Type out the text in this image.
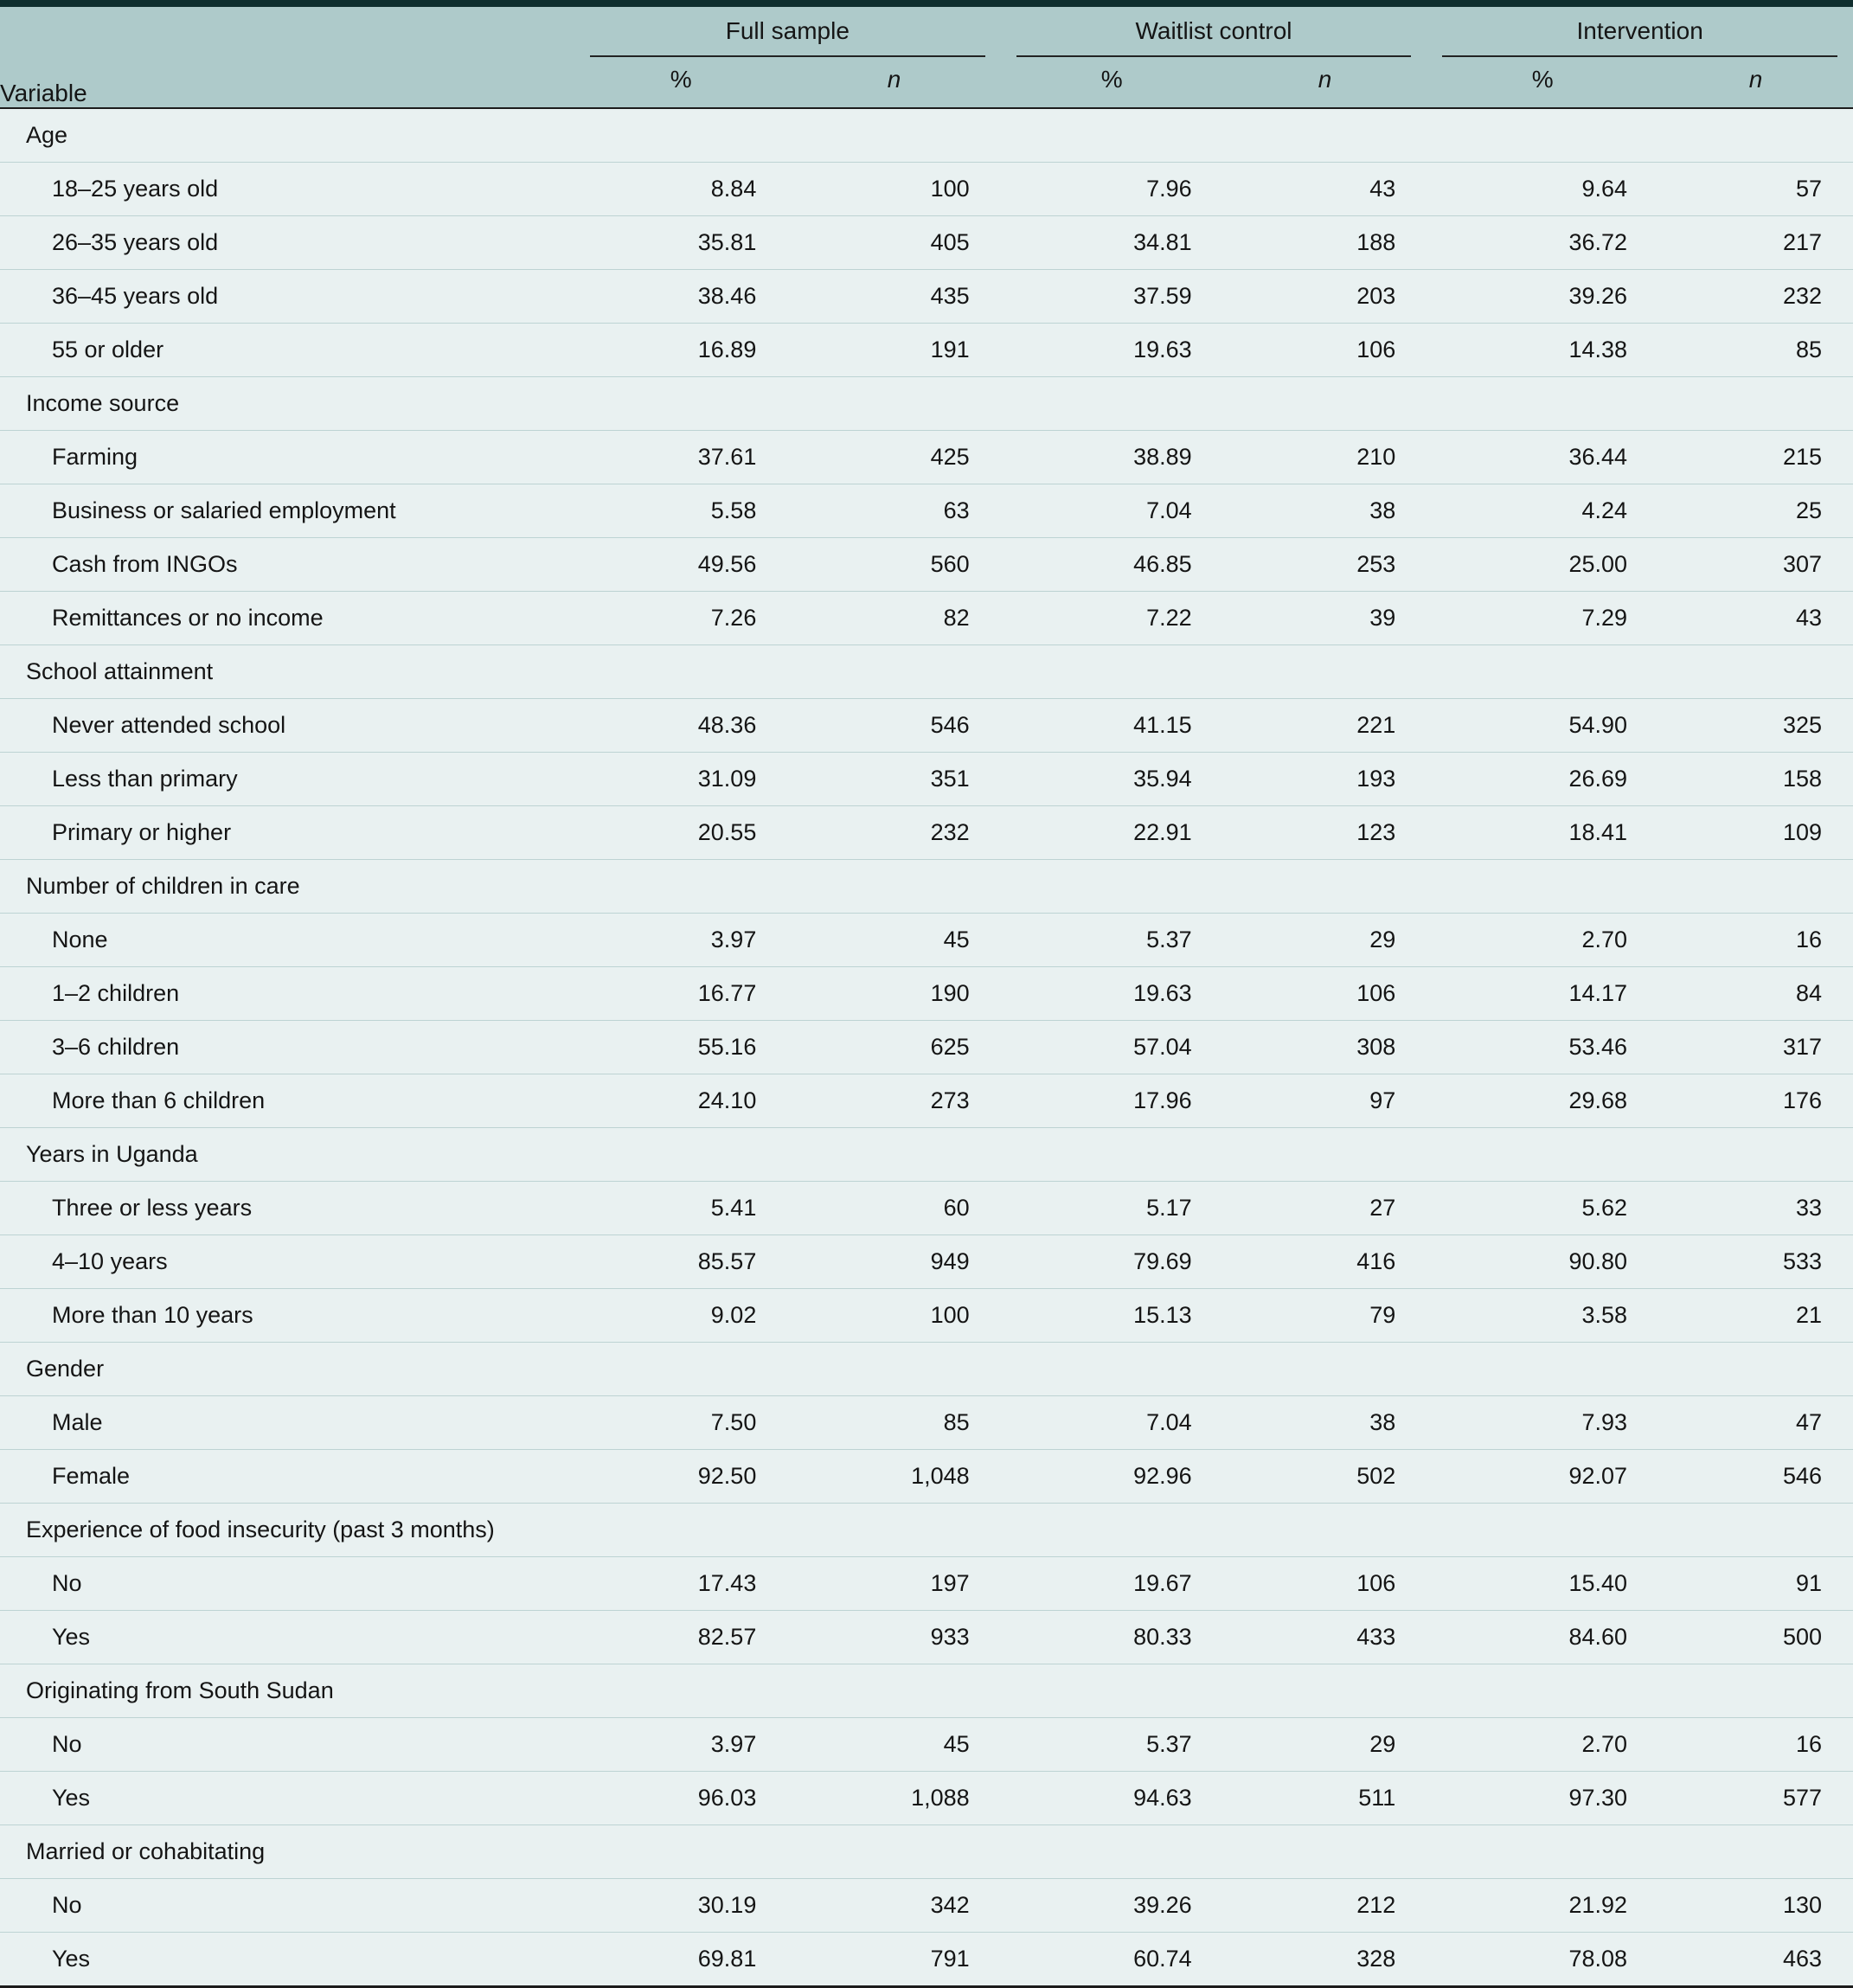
Variable	Full sample		Waitlist control		Intervention	

	%	n	%	n	%	n
Age						
18–25 years old	8.84	100	7.96	43	9.64	57
26–35 years old	35.81	405	34.81	188	36.72	217
36–45 years old	38.46	435	37.59	203	39.26	232
55 or older	16.89	191	19.63	106	14.38	85
Income source						
Farming	37.61	425	38.89	210	36.44	215
Business or salaried employment	5.58	63	7.04	38	4.24	25
Cash from INGOs	49.56	560	46.85	253	25.00	307
Remittances or no income	7.26	82	7.22	39	7.29	43
School attainment						
Never attended school	48.36	546	41.15	221	54.90	325
Less than primary	31.09	351	35.94	193	26.69	158
Primary or higher	20.55	232	22.91	123	18.41	109
Number of children in care						
None	3.97	45	5.37	29	2.70	16
1–2 children	16.77	190	19.63	106	14.17	84
3–6 children	55.16	625	57.04	308	53.46	317
More than 6 children	24.10	273	17.96	97	29.68	176
Years in Uganda						
Three or less years	5.41	60	5.17	27	5.62	33
4–10 years	85.57	949	79.69	416	90.80	533
More than 10 years	9.02	100	15.13	79	3.58	21
Gender						
Male	7.50	85	7.04	38	7.93	47
Female	92.50	1,048	92.96	502	92.07	546
Experience of food insecurity (past 3 months)						
No	17.43	197	19.67	106	15.40	91
Yes	82.57	933	80.33	433	84.60	500
Originating from South Sudan						
No	3.97	45	5.37	29	2.70	16
Yes	96.03	1,088	94.63	511	97.30	577
Married or cohabitating						
No	30.19	342	39.26	212	21.92	130
Yes	69.81	791	60.74	328	78.08	463
